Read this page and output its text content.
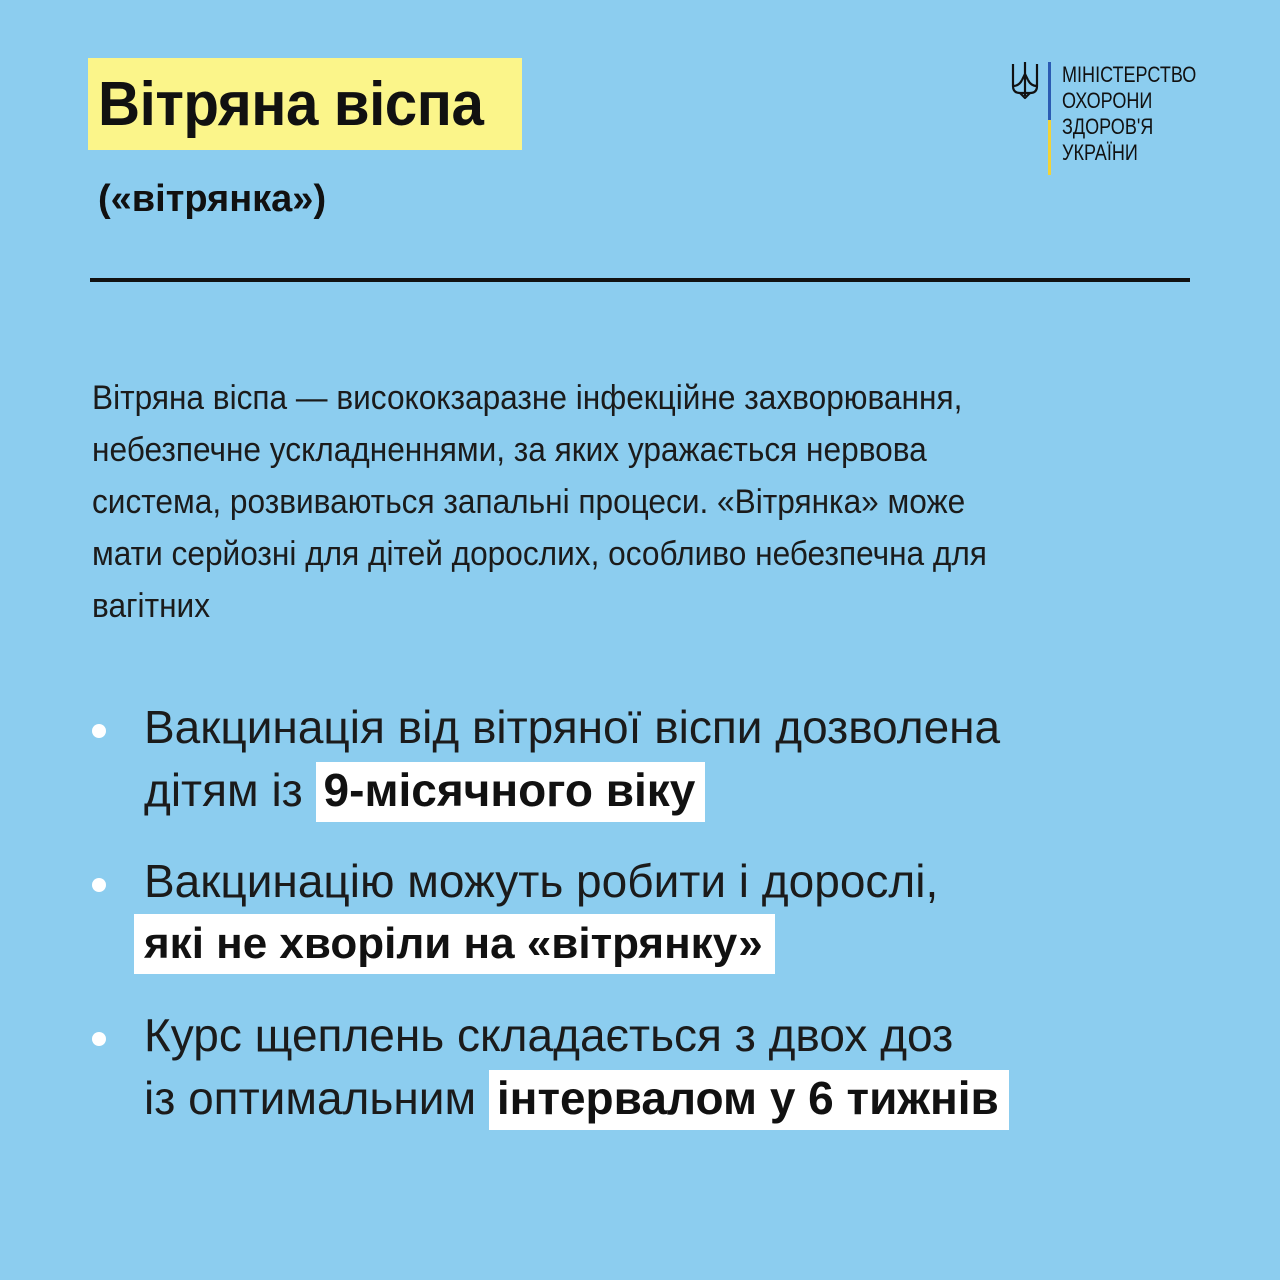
Вітряна віспа
(«вітрянка»)
МІНІСТЕРСТВО
ОХОРОНИ
ЗДОРОВ'Я
УКРАЇНИ
Вітряна віспа — висококзаразне інфекційне захворювання,
небезпечне ускладненнями, за яких уражається нервова
система, розвиваються запальні процеси. «Вітрянка» може
мати серйозні для дітей дорослих, особливо небезпечна для
вагітних
Вакцинація від вітряної віспи дозволена
дітям із 9-місячного віку
Вакцинацію можуть робити і дорослі,
які не хворіли на «вітрянку»
Курс щеплень складається з двох доз
із оптимальним інтервалом у 6 тижнів
